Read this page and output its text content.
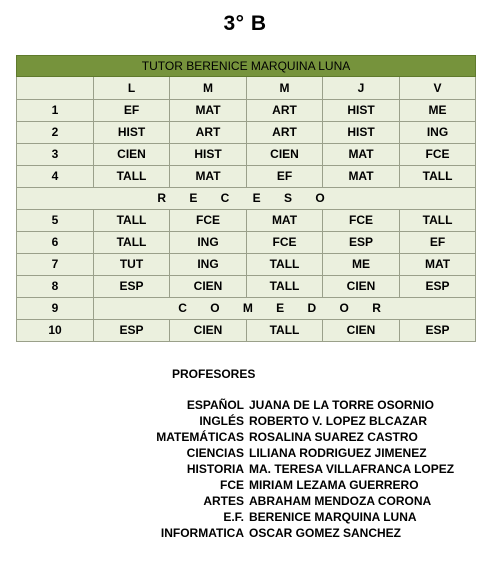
3° B
TUTOR BERENICE MARQUINA LUNA					
	L	M	M	J	V
1	EF	MAT	ART	HIST	ME
2	HIST	ART	ART	HIST	ING
3	CIEN	HIST	CIEN	MAT	FCE
4	TALL	MAT	EF	MAT	TALL
R E C E S O					
5	TALL	FCE	MAT	FCE	TALL
6	TALL	ING	FCE	ESP	EF
7	TUT	ING	TALL	ME	MAT
8	ESP	CIEN	TALL	CIEN	ESP
9	C O M E D O R				
10	ESP	CIEN	TALL	CIEN	ESP
PROFESORES
ESPAÑOL JUANA DE LA TORRE OSORNIO
INGLÉS ROBERTO V. LOPEZ BLCAZAR
MATEMÁTICAS ROSALINA SUAREZ CASTRO
CIENCIAS LILIANA RODRIGUEZ JIMENEZ
HISTORIA MA. TERESA VILLAFRANCA LOPEZ
FCE MIRIAM LEZAMA GUERRERO
ARTES ABRAHAM MENDOZA CORONA
E.F. BERENICE MARQUINA LUNA
INFORMATICA OSCAR GOMEZ SANCHEZ
